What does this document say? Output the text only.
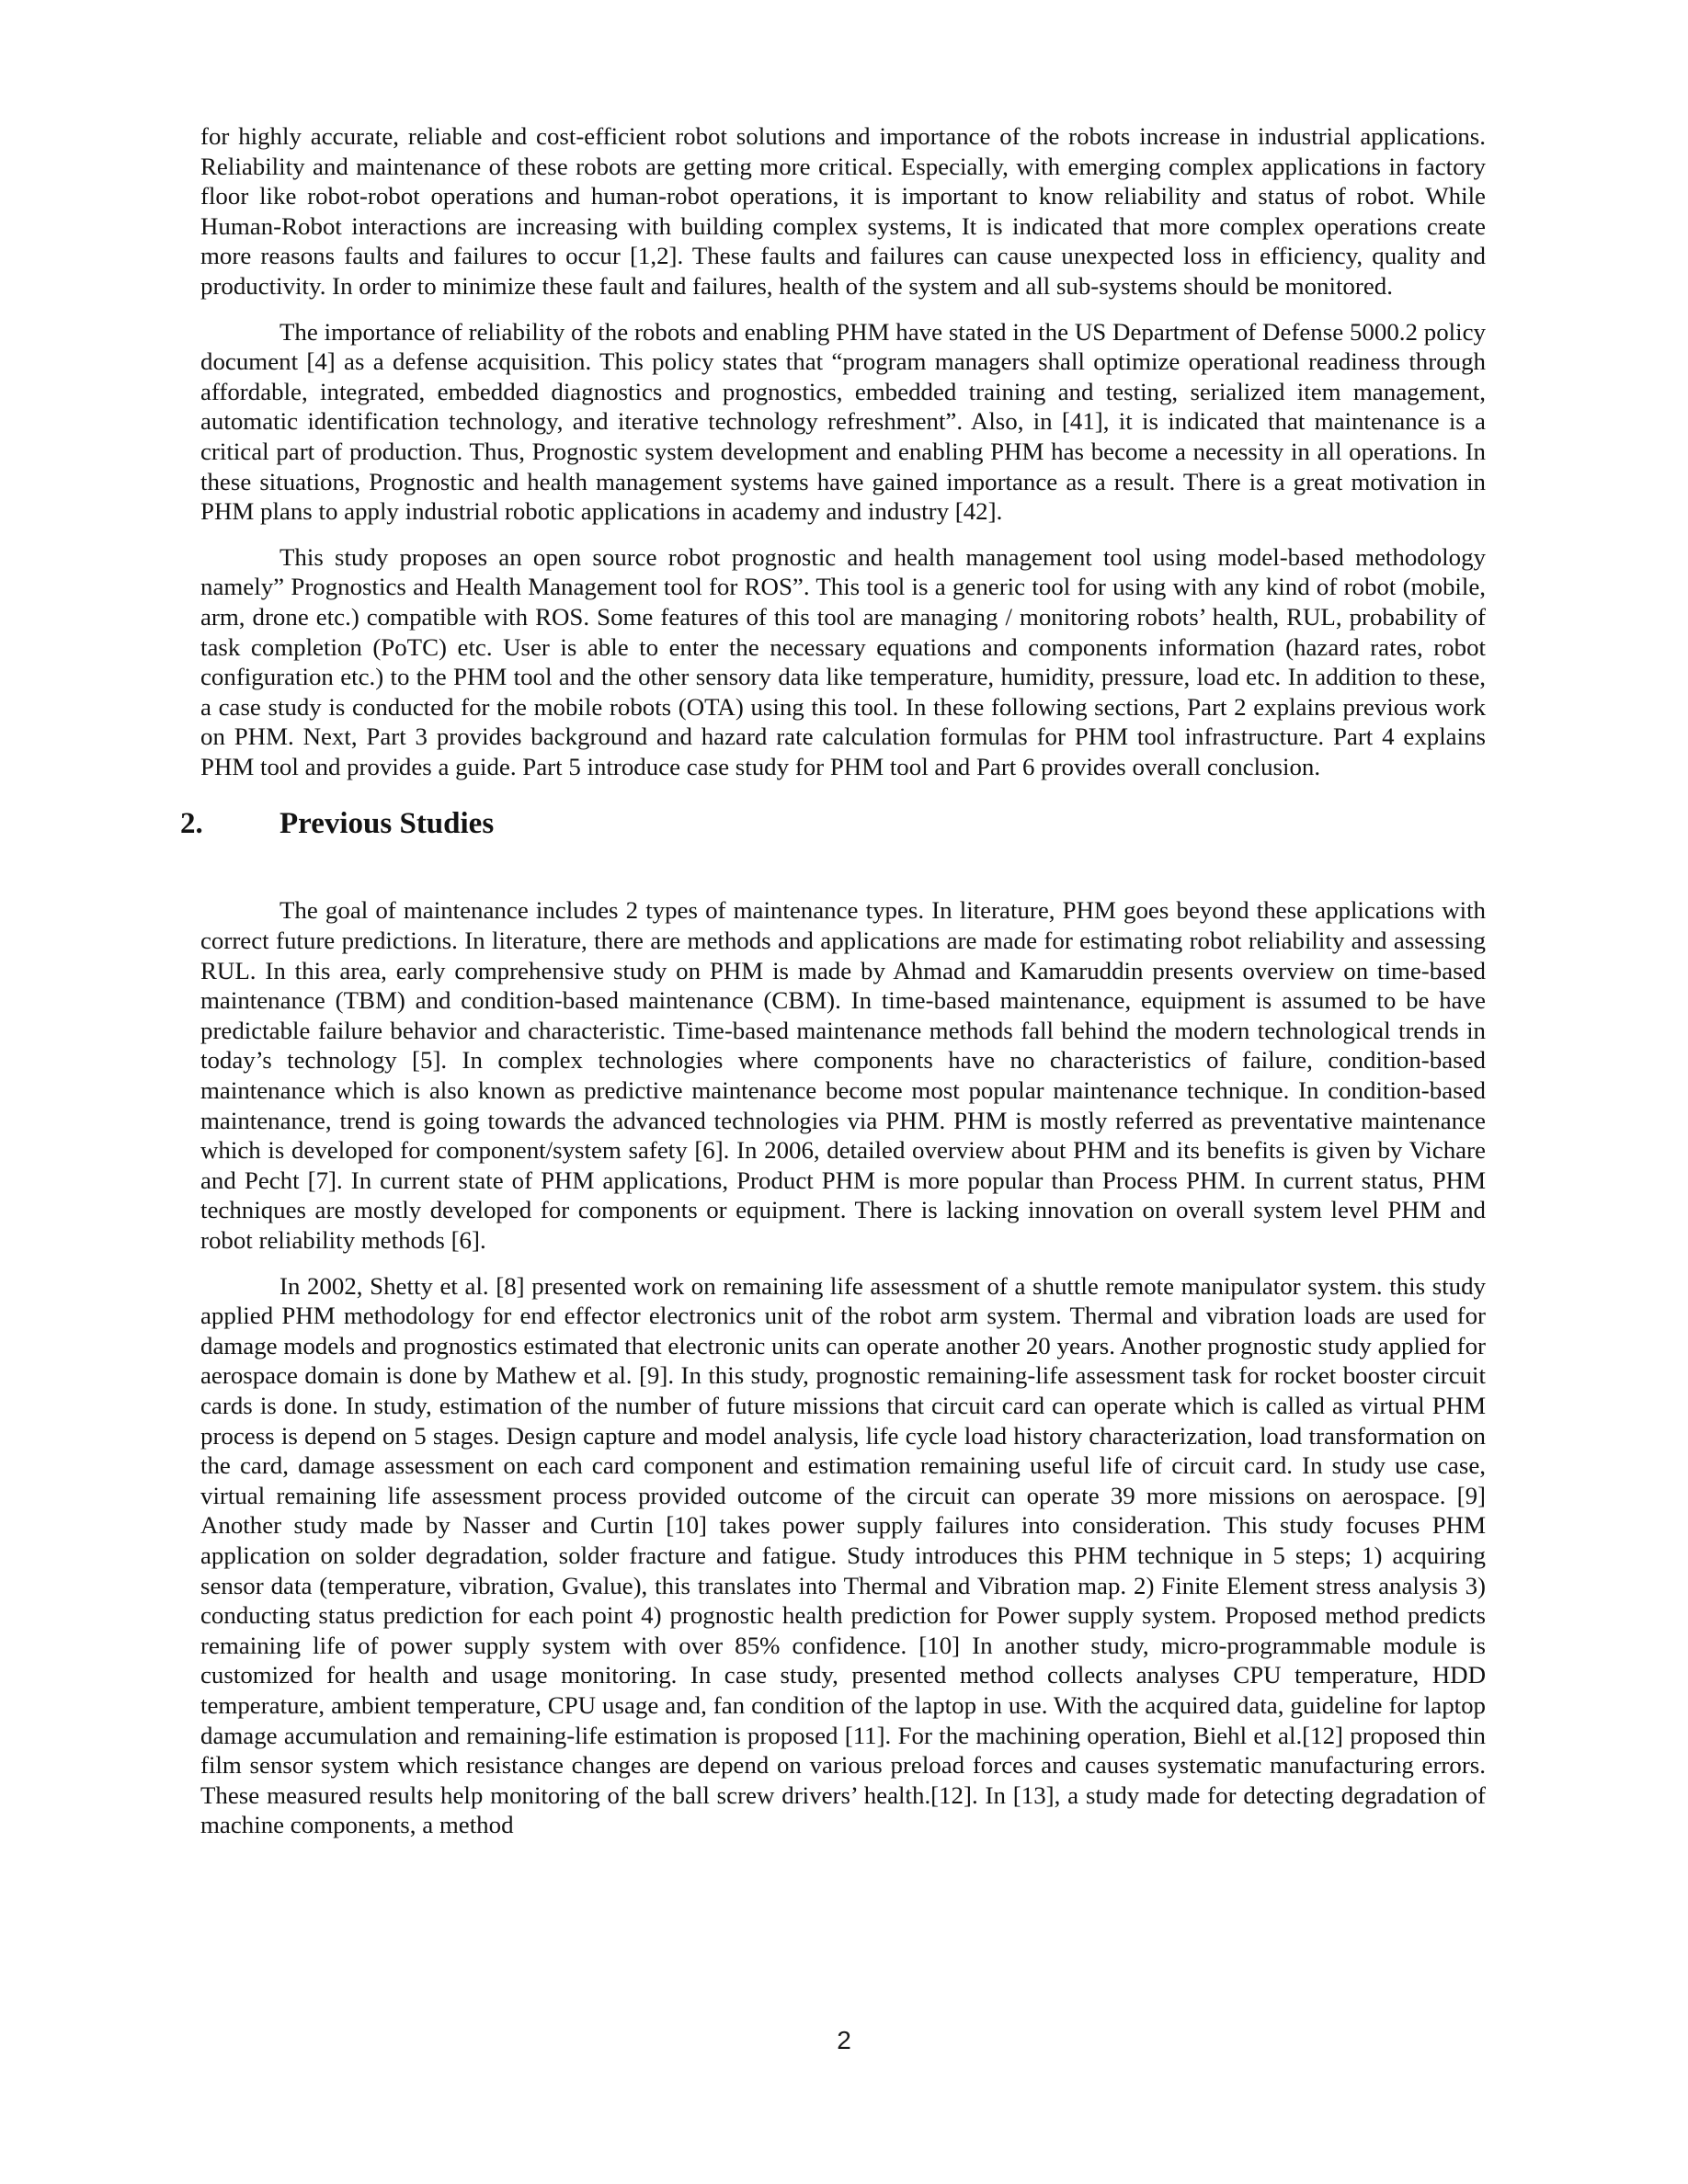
for highly accurate, reliable and cost-efficient robot solutions and importance of the robots increase in industrial applications. Reliability and maintenance of these robots are getting more critical. Especially, with emerging complex applications in factory floor like robot-robot operations and human-robot operations, it is important to know reliability and status of robot. While Human-Robot interactions are increasing with building complex systems, It is indicated that more complex operations create more reasons faults and failures to occur [1,2]. These faults and failures can cause unexpected loss in efficiency, quality and productivity. In order to minimize these fault and failures, health of the system and all sub-systems should be monitored.

The importance of reliability of the robots and enabling PHM have stated in the US Department of Defense 5000.2 policy document [4] as a defense acquisition. This policy states that “program managers shall optimize operational readiness through affordable, integrated, embedded diagnostics and prognostics, embedded training and testing, serialized item management, automatic identification technology, and iterative technology refreshment”. Also, in [41], it is indicated that maintenance is a critical part of production. Thus, Prognostic system development and enabling PHM has become a necessity in all operations. In these situations, Prognostic and health management systems have gained importance as a result. There is a great motivation in PHM plans to apply industrial robotic applications in academy and industry [42].

This study proposes an open source robot prognostic and health management tool using model-based methodology namely” Prognostics and Health Management tool for ROS”. This tool is a generic tool for using with any kind of robot (mobile, arm, drone etc.) compatible with ROS. Some features of this tool are managing / monitoring robots’ health, RUL, probability of task completion (PoTC) etc. User is able to enter the necessary equations and components information (hazard rates, robot configuration etc.) to the PHM tool and the other sensory data like temperature, humidity, pressure, load etc. In addition to these, a case study is conducted for the mobile robots (OTA) using this tool. In these following sections, Part 2 explains previous work on PHM. Next, Part 3 provides background and hazard rate calculation formulas for PHM tool infrastructure. Part 4 explains PHM tool and provides a guide. Part 5 introduce case study for PHM tool and Part 6 provides overall conclusion.

2.	Previous Studies

The goal of maintenance includes 2 types of maintenance types. In literature, PHM goes beyond these applications with correct future predictions. In literature, there are methods and applications are made for estimating robot reliability and assessing RUL. In this area, early comprehensive study on PHM is made by Ahmad and Kamaruddin presents overview on time-based maintenance (TBM) and condition-based maintenance (CBM). In time-based maintenance, equipment is assumed to be have predictable failure behavior and characteristic. Time-based maintenance methods fall behind the modern technological trends in today’s technology [5]. In complex technologies where components have no characteristics of failure, condition-based maintenance which is also known as predictive maintenance become most popular maintenance technique. In condition-based maintenance, trend is going towards the advanced technologies via PHM. PHM is mostly referred as preventative maintenance which is developed for component/system safety [6]. In 2006, detailed overview about PHM and its benefits is given by Vichare and Pecht [7]. In current state of PHM applications, Product PHM is more popular than Process PHM. In current status, PHM techniques are mostly developed for components or equipment. There is lacking innovation on overall system level PHM and robot reliability methods [6].

In 2002, Shetty et al. [8] presented work on remaining life assessment of a shuttle remote manipulator system. this study applied PHM methodology for end effector electronics unit of the robot arm system. Thermal and vibration loads are used for damage models and prognostics estimated that electronic units can operate another 20 years. Another prognostic study applied for aerospace domain is done by Mathew et al. [9]. In this study, prognostic remaining-life assessment task for rocket booster circuit cards is done. In study, estimation of the number of future missions that circuit card can operate which is called as virtual PHM process is depend on 5 stages. Design capture and model analysis, life cycle load history characterization, load transformation on the card, damage assessment on each card component and estimation remaining useful life of circuit card. In study use case, virtual remaining life assessment process provided outcome of the circuit can operate 39 more missions on aerospace. [9] Another study made by Nasser and Curtin [10] takes power supply failures into consideration. This study focuses PHM application on solder degradation, solder fracture and fatigue. Study introduces this PHM technique in 5 steps; 1) acquiring sensor data (temperature, vibration, Gvalue), this translates into Thermal and Vibration map. 2) Finite Element stress analysis 3) conducting status prediction for each point 4) prognostic health prediction for Power supply system. Proposed method predicts remaining life of power supply system with over 85% confidence. [10] In another study, micro-programmable module is customized for health and usage monitoring. In case study, presented method collects analyses CPU temperature, HDD temperature, ambient temperature, CPU usage and, fan condition of the laptop in use. With the acquired data, guideline for laptop damage accumulation and remaining-life estimation is proposed [11]. For the machining operation, Biehl et al.[12] proposed thin film sensor system which resistance changes are depend on various preload forces and causes systematic manufacturing errors. These measured results help monitoring of the ball screw drivers’ health.[12]. In [13], a study made for detecting degradation of machine components, a method

2
